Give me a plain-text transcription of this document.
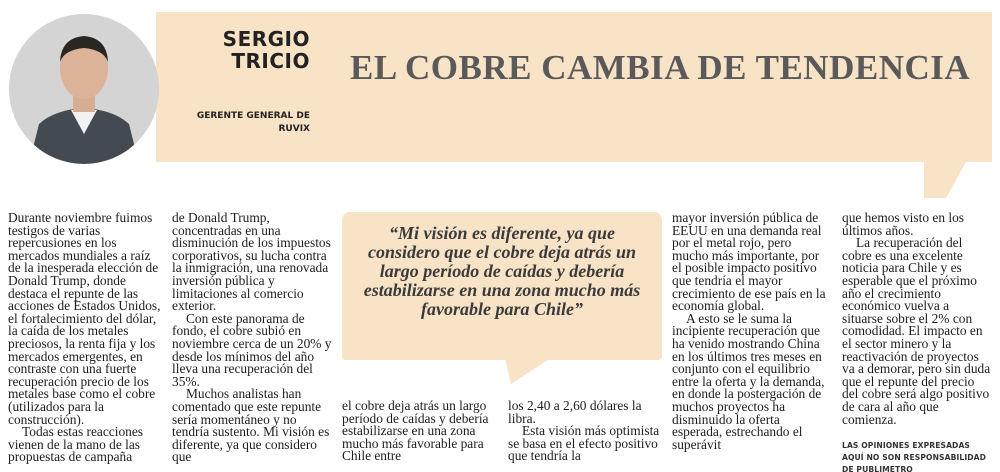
SERGIO
TRICIO
GERENTE GENERAL DE
RUVIX
EL COBRE CAMBIA DE TENDENCIA

Durante noviembre fuimos testigos de varias repercusiones en los mercados mundiales a raíz de la inesperada elección de Donald Trump, donde destaca el repunte de las acciones de Estados Unidos, el fortalecimiento del dólar, la caída de los metales preciosos, la renta fija y los mercados emergentes, en contraste con una fuerte recuperación precio de los metales base como el cobre (utilizados para la construcción).

Todas estas reacciones vienen de la mano de las propuestas de campaña

de Donald Trump, concentradas en una disminución de los impuestos corporativos, su lucha contra la inmigración, una renovada inversión pública y limitaciones al comercio exterior.

Con este panorama de fondo, el cobre subió en noviembre cerca de un 20% y desde los mínimos del año lleva una recuperación del 35%.

Muchos analistas han comentado que este repunte sería momentáneo y no tendría sustento. Mi visión es diferente, ya que considero que

“Mi visión es diferente, ya que considero que el cobre deja atrás un largo período de caídas y debería estabilizarse en una zona mucho más favorable para Chile”

el cobre deja atrás un largo período de caídas y debería estabilizarse en una zona mucho más favorable para Chile entre

los 2,40 a 2,60 dólares la libra.

Esta visión más optimista se basa en el efecto positivo que tendría la

mayor inversión pública de EEUU en una demanda real por el metal rojo, pero mucho más importante, por el posible impacto positivo que tendría el mayor crecimiento de ese país en la economía global.

A esto se le suma la incipiente recuperación que ha venido mostrando China en los últimos tres meses en conjunto con el equilibrio entre la oferta y la demanda, en donde la postergación de muchos proyectos ha disminuido la oferta esperada, estrechando el superávit

que hemos visto en los últimos años.

La recuperación del cobre es una excelente noticia para Chile y es esperable que el próximo año el crecimiento económico vuelva a situarse sobre el 2% con comodidad. El impacto en el sector minero y la reactivación de proyectos va a demorar, pero sin duda que el repunte del precio del cobre será algo positivo de cara al año que comienza.

LAS OPINIONES EXPRESADAS AQUÍ NO SON RESPONSABILIDAD DE PUBLIMETRO
